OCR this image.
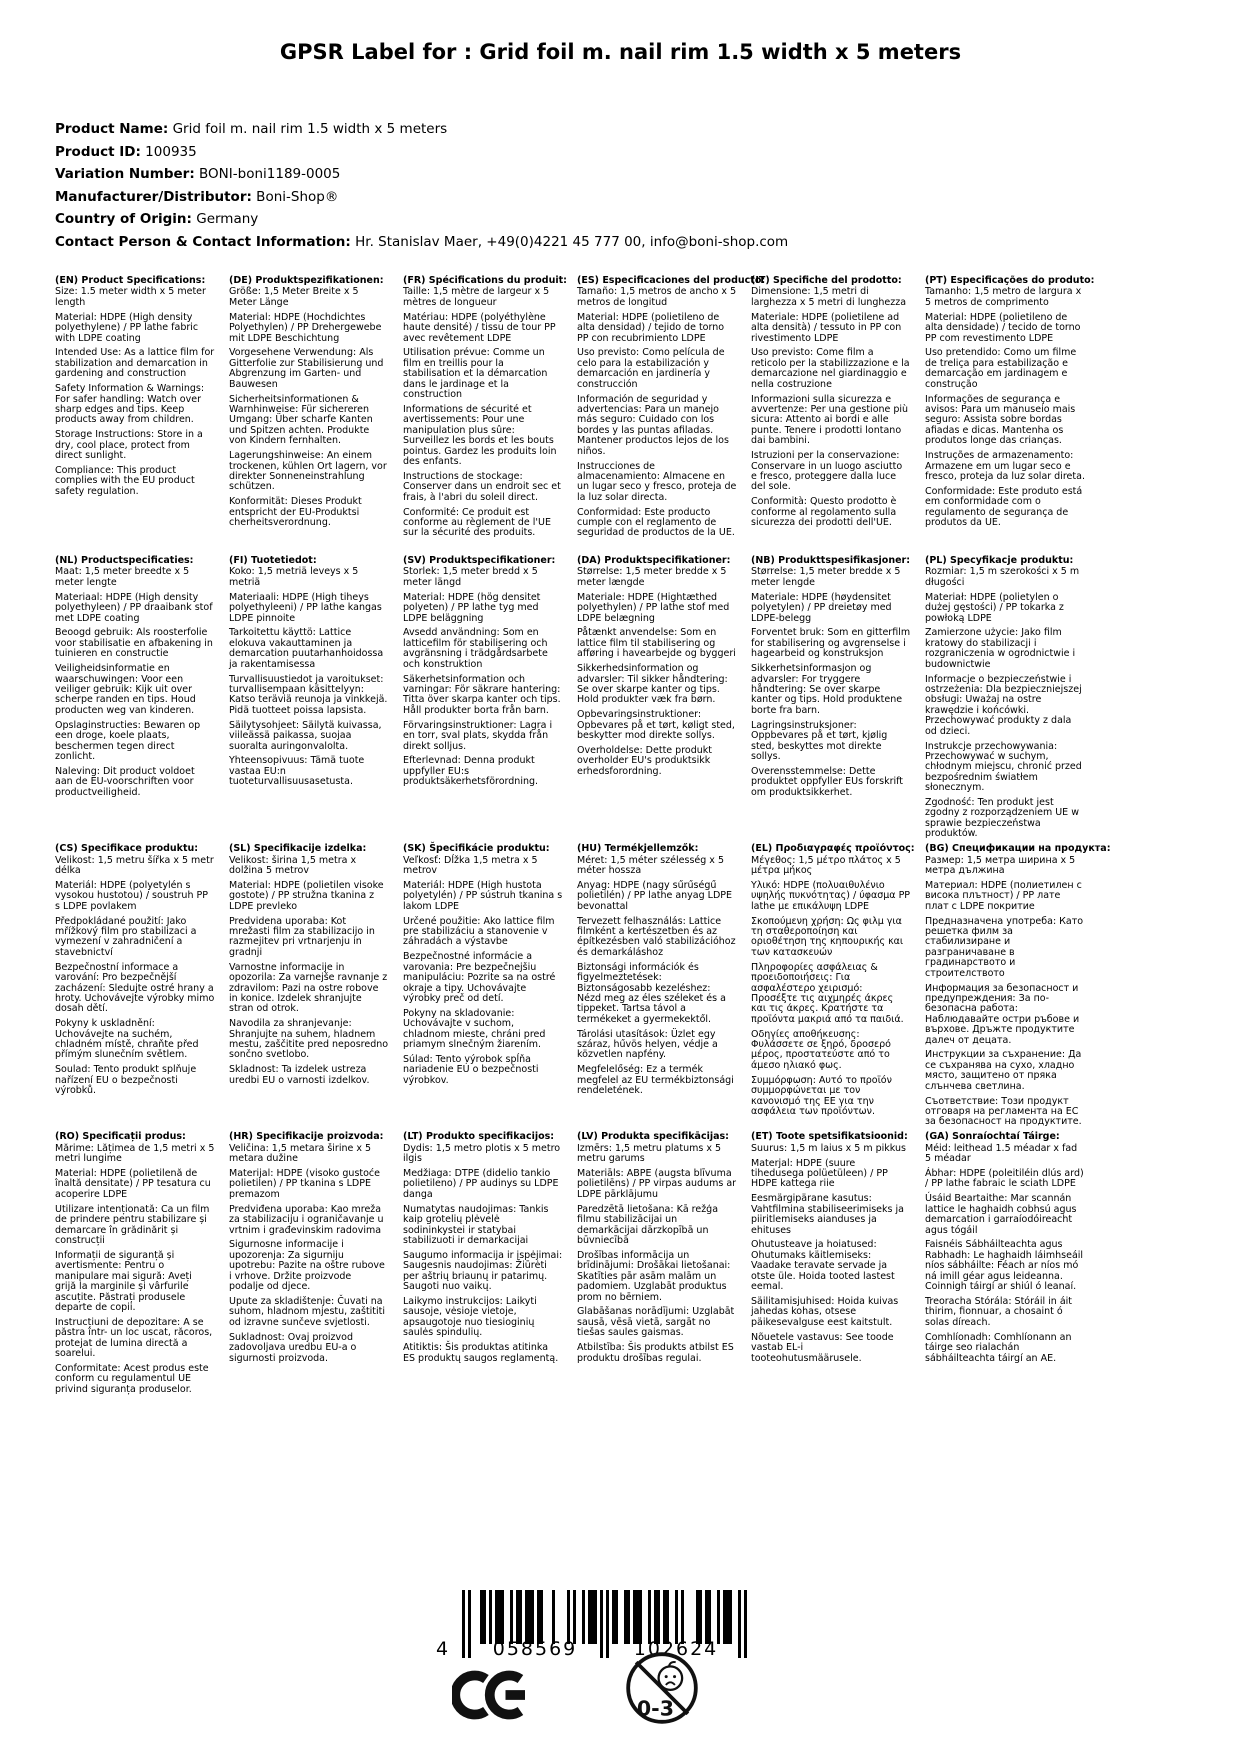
GPSR Label for : Grid foil m. nail rim 1.5 width x 5 meters
Product Name: Grid foil m. nail rim 1.5 width x 5 meters
Product ID: 100935
Variation Number: BONI-boni1189-0005
Manufacturer/Distributor: Boni-Shop®
Country of Origin: Germany
Contact Person & Contact Information: Hr. Stanislav Maer, +49(0)4221 45 777 00, info@boni-shop.com
(EN) Product Specifications:

Size: 1.5 meter width x 5 meter length

Material: HDPE (High density polyethylene) / PP lathe fabric with LDPE coating

Intended Use: As a lattice film for stabilization and demarcation in gardening and construction

Safety Information & Warnings: For safer handling: Watch over sharp edges and tips. Keep products away from children.

Storage Instructions: Store in a dry, cool place, protect from direct sunlight.

Compliance: This product complies with the EU product safety regulation.

(DE) Produktspezifikationen:

Größe: 1,5 Meter Breite x 5 Meter Länge

Material: HDPE (Hochdichtes Polyethylen) / PP Drehergewebe mit LDPE Beschichtung

Vorgesehene Verwendung: Als Gitterfolie zur Stabilisierung und Abgrenzung im Garten- und Bauwesen

Sicherheitsinformationen & Warnhinweise: Für sichereren Umgang: Über scharfe Kanten und Spitzen achten. Produkte von Kindern fernhalten.

Lagerungshinweise: An einem trockenen, kühlen Ort lagern, vor direkter Sonneneinstrahlung schützen.

Konformität: Dieses Produkt entspricht der EU-Produktsi cherheitsverordnung.

(FR) Spécifications du produit:

Taille: 1,5 mètre de largeur x 5 mètres de longueur

Matériau: HDPE (polyéthylène haute densité) / tissu de tour PP avec revêtement LDPE

Utilisation prévue: Comme un film en treillis pour la stabilisation et la démarcation dans le jardinage et la construction

Informations de sécurité et avertissements: Pour une manipulation plus sûre: Surveillez les bords et les bouts pointus. Gardez les produits loin des enfants.

Instructions de stockage: Conserver dans un endroit sec et frais, à l'abri du soleil direct.

Conformité: Ce produit est conforme au règlement de l'UE sur la sécurité des produits.

(ES) Especificaciones del producto:

Tamaño: 1,5 metros de ancho x 5 metros de longitud

Material: HDPE (polietileno de alta densidad) / tejido de torno PP con recubrimiento LDPE

Uso previsto: Como película de celo para la estabilización y demarcación en jardinería y construcción

Información de seguridad y advertencias: Para un manejo más seguro: Cuidado con los bordes y las puntas afiladas. Mantener productos lejos de los niños.

Instrucciones de almacenamiento: Almacene en un lugar seco y fresco, proteja de la luz solar directa.

Conformidad: Este producto cumple con el reglamento de seguridad de productos de la UE.

(IT) Specifiche del prodotto:

Dimensione: 1,5 metri di larghezza x 5 metri di lunghezza

Materiale: HDPE (polietilene ad alta densità) / tessuto in PP con rivestimento LDPE

Uso previsto: Come film a reticolo per la stabilizzazione e la demarcazione nel giardinaggio e nella costruzione

Informazioni sulla sicurezza e avvertenze: Per una gestione più sicura: Attento ai bordi e alle punte. Tenere i prodotti lontano dai bambini.

Istruzioni per la conservazione: Conservare in un luogo asciutto e fresco, proteggere dalla luce del sole.

Conformità: Questo prodotto è conforme al regolamento sulla sicurezza dei prodotti dell'UE.

(PT) Especificações do produto:

Tamanho: 1,5 metro de largura x 5 metros de comprimento

Material: HDPE (polietileno de alta densidade) / tecido de torno PP com revestimento LDPE

Uso pretendido: Como um filme de treliça para estabilização e demarcação em jardinagem e construção

Informações de segurança e avisos: Para um manuseio mais seguro: Assista sobre bordas afiadas e dicas. Mantenha os produtos longe das crianças.

Instruções de armazenamento: Armazene em um lugar seco e fresco, proteja da luz solar direta.

Conformidade: Este produto está em conformidade com o regulamento de segurança de produtos da UE.

(NL) Productspecificaties:

Maat: 1,5 meter breedte x 5 meter lengte

Materiaal: HDPE (High density polyethyleen) / PP draaibank stof met LDPE coating

Beoogd gebruik: Als roosterfolie voor stabilisatie en afbakening in tuinieren en constructie

Veiligheidsinformatie en waarschuwingen: Voor een veiliger gebruik: Kijk uit over scherpe randen en tips. Houd producten weg van kinderen.

Opslaginstructies: Bewaren op een droge, koele plaats, beschermen tegen direct zonlicht.

Naleving: Dit product voldoet aan de EU-voorschriften voor productveiligheid.

(FI) Tuotetiedot:

Koko: 1,5 metriä leveys x 5 metriä

Materiaali: HDPE (High tiheys polyethyleeni) / PP lathe kangas LDPE pinnoite

Tarkoitettu käyttö: Lattice elokuva vakauttaminen ja demarcation puutarhanhoidossa ja rakentamisessa

Turvallisuustiedot ja varoitukset: turvallisempaan käsittelyyn: Katso teräviä reunoja ja vinkkejä. Pidä tuotteet poissa lapsista.

Säilytysohjeet: Säilytä kuivassa, viileässä paikassa, suojaa suoralta auringonvalolta.

Yhteensopivuus: Tämä tuote vastaa EU:n tuoteturvallisuusasetusta.

(SV) Produktspecifikationer:

Storlek: 1,5 meter bredd x 5 meter längd

Material: HDPE (hög densitet polyeten) / PP lathe tyg med LDPE beläggning

Avsedd användning: Som en latticefilm för stabilisering och avgränsning i trädgårdsarbete och konstruktion

Säkerhetsinformation och varningar: För säkrare hantering: Titta över skarpa kanter och tips. Håll produkter borta från barn.

Förvaringsinstruktioner: Lagra i en torr, sval plats, skydda från direkt solljus.

Efterlevnad: Denna produkt uppfyller EU:s produktsäkerhetsförordning.

(DA) Produktspecifikationer:

Størrelse: 1,5 meter bredde x 5 meter længde

Materiale: HDPE (Hightæthed polyethylen) / PP lathe stof med LDPE belægning

Påtænkt anvendelse: Som en lattice film til stabilisering og afføring i havearbejde og byggeri

Sikkerhedsinformation og advarsler: Til sikker håndtering: Se over skarpe kanter og tips. Hold produkter væk fra børn.

Opbevaringsinstruktioner: Opbevares på et tørt, køligt sted, beskytter mod direkte sollys.

Overholdelse: Dette produkt overholder EU's produktsikk erhedsforordning.

(NB) Produkttspesifikasjoner:

Størrelse: 1,5 meter bredde x 5 meter lengde

Materiale: HDPE (høydensitet polyetylen) / PP dreietøy med LDPE-belegg

Forventet bruk: Som en gitterfilm for stabilisering og avgrenselse i hagearbeid og konstruksjon

Sikkerhetsinformasjon og advarsler: For tryggere håndtering: Se over skarpe kanter og tips. Hold produktene borte fra barn.

Lagringsinstruksjoner: Oppbevares på et tørt, kjølig sted, beskyttes mot direkte sollys.

Overensstemmelse: Dette produktet oppfyller EUs forskrift om produktsikkerhet.

(PL) Specyfikacje produktu:

Rozmiar: 1,5 m szerokości x 5 m długości

Materiał: HDPE (polietylen o dużej gęstości) / PP tokarka z powłoką LDPE

Zamierzone użycie: Jako film kratowy do stabilizacji i rozgraniczenia w ogrodnictwie i budownictwie

Informacje o bezpieczeństwie i ostrzeżenia: Dla bezpieczniejszej obsługi: Uważaj na ostre krawędzie i końcówki. Przechowywać produkty z dala od dzieci.

Instrukcje przechowywania: Przechowywać w suchym, chłodnym miejscu, chronić przed bezpośrednim światłem słonecznym.

Zgodność: Ten produkt jest zgodny z rozporządzeniem UE w sprawie bezpieczeństwa produktów.

(CS) Specifikace produktu:

Velikost: 1,5 metru šířka x 5 metr délka

Materiál: HDPE (polyetylén s vysokou hustotou) / soustruh PP s LDPE povlakem

Předpokládané použití: Jako mřížkový film pro stabilizaci a vymezení v zahradničení a stavebnictví

Bezpečnostní informace a varování: Pro bezpečnější zacházení: Sledujte ostré hrany a hroty. Uchovávejte výrobky mimo dosah dětí.

Pokyny k uskladnění: Uchovávejte na suchém, chladném místě, chraňte před přímým slunečním světlem.

Soulad: Tento produkt splňuje nařízení EU o bezpečnosti výrobků.

(SL) Specifikacije izdelka:

Velikost: širina 1,5 metra x dolžina 5 metrov

Material: HDPE (polietilen visoke gostote) / PP stružna tkanina z LDPE prevleko

Predvidena uporaba: Kot mrežasti film za stabilizacijo in razmejitev pri vrtnarjenju in gradnji

Varnostne informacije in opozorila: Za varnejše ravnanje z zdravilom: Pazi na ostre robove in konice. Izdelek shranjujte stran od otrok.

Navodila za shranjevanje: Shranjujte na suhem, hladnem mestu, zaščitite pred neposredno sončno svetlobo.

Skladnost: Ta izdelek ustreza uredbi EU o varnosti izdelkov.

(SK) Špecifikácie produktu:

Veľkosť: Dĺžka 1,5 metra x 5 metrov

Materiál: HDPE (High hustota polyetylén) / PP sústruh tkanina s lakom LDPE

Určené použitie: Ako lattice film pre stabilizáciu a stanovenie v záhradách a výstavbe

Bezpečnostné informácie a varovania: Pre bezpečnejšiu manipuláciu: Pozrite sa na ostré okraje a tipy. Uchovávajte výrobky preč od detí.

Pokyny na skladovanie: Uchovávajte v suchom, chladnom mieste, chráni pred priamym slnečným žiarením.

Súlad: Tento výrobok spĺňa nariadenie EÚ o bezpečnosti výrobkov.

(HU) Termékjellemzők:

Méret: 1,5 méter szélesség x 5 méter hossza

Anyag: HDPE (nagy sűrűségű polietilén) / PP lathe anyag LDPE bevonattal

Tervezett felhasználás: Lattice filmként a kertészetben és az építkezésben való stabilizációhoz és demarkáláshoz

Biztonsági információk és figyelmeztetések: Biztonságosabb kezeléshez: Nézd meg az éles széleket és a tippeket. Tartsa távol a termékeket a gyermekektől.

Tárolási utasítások: Üzlet egy száraz, hűvös helyen, védje a közvetlen napfény.

Megfelelőség: Ez a termék megfelel az EU termékbiztonsági rendeletének.

(EL) Προδιαγραφές προϊόντος:

Μέγεθος: 1,5 μέτρο πλάτος x 5 μέτρα μήκος

Υλικό: HDPE (πολυαιθυλένιο υψηλής πυκνότητας) / ύφασμα PP lathe με επικάλυψη LDPE

Σκοπούμενη χρήση: Ως φιλμ για τη σταθεροποίηση και οριοθέτηση της κηπουρικής και των κατασκευών

Πληροφορίες ασφάλειας & προειδοποιήσεις: Για ασφαλέστερο χειρισμό: Προσέξτε τις αιχμηρές άκρες και τις άκρες. Κρατήστε τα προϊόντα μακριά από τα παιδιά.

Οδηγίες αποθήκευσης: Φυλάσσετε σε ξηρό, δροσερό μέρος, προστατεύστε από το άμεσο ηλιακό φως.

Συμμόρφωση: Αυτό το προϊόν συμμορφώνεται με τον κανονισμό της ΕΕ για την ασφάλεια των προϊόντων.

(BG) Спецификации на продукта:

Размер: 1,5 метра ширина x 5 метра дължина

Материал: HDPE (полиетилен с висока плътност) / PP лате плат с LDPE покритие

Предназначена употреба: Като решетка филм за стабилизиране и разграничаване в градинарството и строителството

Информация за безопасност и предупреждения: За по-безопасна работа: Наблюдавайте остри ръбове и върхове. Дръжте продуктите далеч от децата.

Инструкции за съхранение: Да се съхранява на сухо, хладно място, защитено от пряка слънчева светлина.

Съответствие: Този продукт отговаря на регламента на ЕС за безопасност на продуктите.

(RO) Specificații produs:

Mărime: Lățimea de 1,5 metri x 5 metri lungime

Material: HDPE (polietilenă de înaltă densitate) / PP tesatura cu acoperire LDPE

Utilizare intenționată: Ca un film de prindere pentru stabilizare și demarcare în grădinărit și construcții

Informații de siguranță și avertismente: Pentru o manipulare mai sigură: Aveți grijă la marginile și vârfurile ascuțite. Păstrați produsele departe de copii.

Instrucțiuni de depozitare: A se păstra într- un loc uscat, răcoros, protejat de lumina directă a soarelui.

Conformitate: Acest produs este conform cu regulamentul UE privind siguranța produselor.

(HR) Specifikacije proizvoda:

Veličina: 1,5 metara širine x 5 metara dužine

Materijal: HDPE (visoko gustoće polietilen) / PP tkanina s LDPE premazom

Predviđena uporaba: Kao mreža za stabilizaciju i ograničavanje u vrtnim i građevinskim radovima

Sigurnosne informacije i upozorenja: Za sigurniju upotrebu: Pazite na oštre rubove i vrhove. Držite proizvode podalje od djece.

Upute za skladištenje: Čuvati na suhom, hladnom mjestu, zaštititi od izravne sunčeve svjetlosti.

Sukladnost: Ovaj proizvod zadovoljava uredbu EU-a o sigurnosti proizvoda.

(LT) Produkto specifikacijos:

Dydis: 1,5 metro plotis x 5 metro ilgis

Medžiaga: DTPE (didelio tankio polietileno) / PP audinys su LDPE danga

Numatytas naudojimas: Tankis kaip grotelių plėvelė sodininkystei ir statybai stabilizuoti ir demarkacijai

Saugumo informacija ir įspėjimai: Saugesnis naudojimas: Žiūrėti per aštrių briaunų ir patarimų. Saugoti nuo vaikų.

Laikymo instrukcijos: Laikyti sausoje, vėsioje vietoje, apsaugotoje nuo tiesioginių saulės spindulių.

Atitiktis: Šis produktas atitinka ES produktų saugos reglamentą.

(LV) Produkta specifikācijas:

Izmērs: 1,5 metru platums x 5 metru garums

Materiāls: ABPE (augsta blīvuma polietilēns) / PP virpas audums ar LDPE pārklājumu

Paredzētā lietošana: Kā režģa filmu stabilizācijai un demarkācijai dārzkopībā un būvniecībā

Drošības informācija un brīdinājumi: Drošākai lietošanai: Skatīties pār asām malām un padomiem. Uzglabāt produktus prom no bērniem.

Glabāšanas norādījumi: Uzglabāt sausā, vēsā vietā, sargāt no tiešas saules gaismas.

Atbilstība: Šis produkts atbilst ES produktu drošības regulai.

(ET) Toote spetsifikatsioonid:

Suurus: 1,5 m laius x 5 m pikkus

Materjal: HDPE (suure tihedusega polüetüleen) / PP HDPE kattega riie

Eesmärgipärane kasutus: Vahtfilmina stabiliseerimiseks ja piiritlemiseks aianduses ja ehituses

Ohutusteave ja hoiatused: Ohutumaks käitlemiseks: Vaadake teravate servade ja otste üle. Hoida tooted lastest eemal.

Säilitamisjuhised: Hoida kuivas jahedas kohas, otsese päikesevalguse eest kaitstult.

Nõuetele vastavus: See toode vastab EL-i tooteohutusmäärusele.

(GA) Sonraíochtaí Táirge:

Méid: leithead 1.5 méadar x fad 5 méadar

Ábhar: HDPE (poleitiléin dlús ard) / PP lathe fabraic le sciath LDPE

Úsáid Beartaithe: Mar scannán lattice le haghaidh cobhsú agus demarcation i garraíodóireacht agus tógáil

Faisnéis Sábháilteachta agus Rabhadh: Le haghaidh láimhseáil níos sábháilte: Féach ar níos mó ná imill géar agus leideanna. Coinnigh táirgí ar shiúl ó leanaí.

Treoracha Stórála: Stóráil in áit thirim, fionnuar, a chosaint ó solas díreach.

Comhlíonadh: Comhlíonann an táirge seo rialachán sábháilteachta táirgí an AE.

4	058569	102624
0-3
